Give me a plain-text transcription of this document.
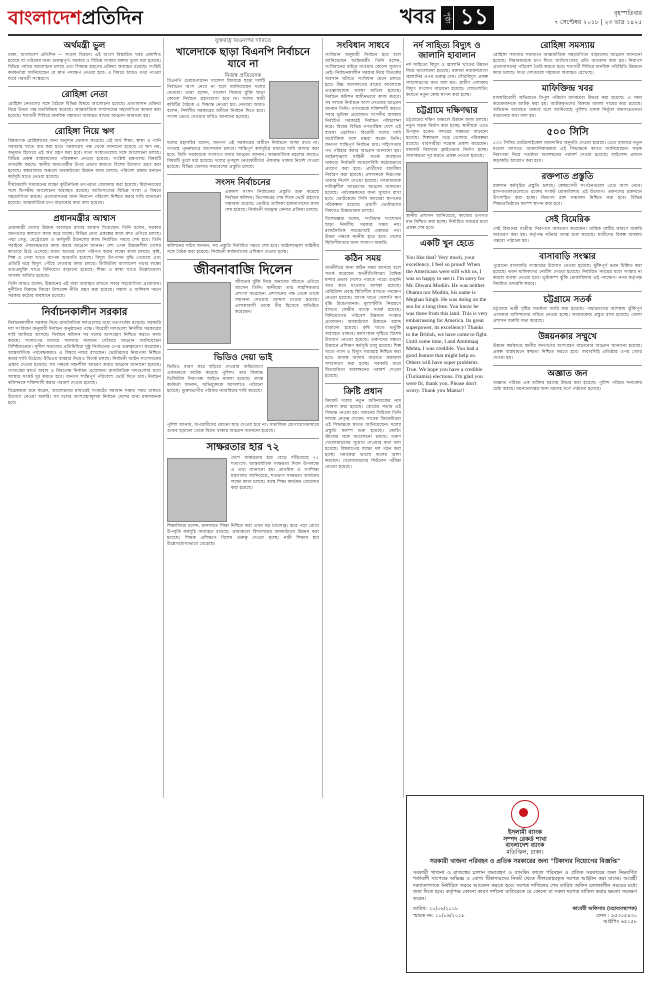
বাংলাদেশপ্রতিদিন	খবর পৃষ্ঠা ১১	বৃহস্পতিবার
৭ সেপ্টেম্বর ২০১৮ | ২৩ ভাদ্র ১৪২৫
অর্থমন্ত্রী ভুল

ঢাকা, বাংলাদেশ প্রতিদিন — সংবাদ বিবরণ। এই অংশে বিস্তারিত খবর প্রকাশিত হয়েছে যা পাঠকের জন্য গুরুত্বপূর্ণ। সরকার ও বিভিন্ন সংস্থার বক্তব্য তুলে ধরা হয়েছে। বিভিন্ন পর্যায়ে আলোচনা চলছে এবং সিদ্ধান্ত গ্রহণের প্রক্রিয়া অব্যাহত রয়েছে। সংশ্লিষ্ট কর্মকর্তারা জানিয়েছেন যে দ্রুত পদক্ষেপ নেওয়া হবে। এ বিষয়ে আরও তথ্য পাওয়া যাবে পরবর্তী সংস্করণে।

রোহিঙ্গা নেতা

রোহিঙ্গা নেতাদের সঙ্গে বৈঠকে বিভিন্ন বিষয়ে আলোচনা হয়েছে। প্রত্যাবাসন প্রক্রিয়া নিয়ে উভয় পক্ষ মতবিনিময় করেছে। আন্তর্জাতিক সম্প্রদায়ের সহযোগিতা কামনা করা হয়েছে। শরণার্থী শিবিরে মানবিক সহায়তা অব্যাহত রাখার আহ্বান জানানো হয়।

রোহিঙ্গা নিয়ে ঋণ

বিশ্বব্যাংক রোহিঙ্গাদের জন্য অনুদান ঘোষণা করেছে। এই অর্থ শিক্ষা, স্বাস্থ্য ও পানি সরবরাহ খাতে ব্যয় করা হবে। সরকারের পক্ষ থেকে জানানো হয়েছে যে ঋণ নয়, অনুদান হিসেবে এই অর্থ গ্রহণ করা হবে। দাতা সংস্থাগুলোর সঙ্গে আলোচনা চলছে। বিভিন্ন প্রকল্প বাস্তবায়নের পরিকল্পনা নেওয়া হয়েছে। সংশ্লিষ্ট মন্ত্রণালয় বিষয়টি তদারকি করছে। স্থানীয় জনগোষ্ঠীর উপর প্রভাব কমাতে বিশেষ উদ্যোগ গ্রহণ করা হয়েছে। কক্সবাজার অঞ্চলে অবকাঠামো উন্নয়ন কাজ চলছে। পরিবেশ রক্ষায় বনায়ন কর্মসূচি হাতে নেওয়া হয়েছে।

দীর্ঘমেয়াদি সমাধানের লক্ষ্যে কূটনৈতিক তৎপরতা জোরদার করা হয়েছে। মিয়ানমারের সঙ্গে দ্বিপক্ষীয় আলোচনা অব্যাহত রয়েছে। জাতিসংঘের বিভিন্ন সংস্থা এ বিষয়ে সহযোগিতা করছে। প্রত্যাবাসনের জন্য নিরাপদ পরিবেশ নিশ্চিত করার দাবি জানানো হয়েছে। আন্তর্জাতিক চাপ বাড়ানোর কথা বলা হয়েছে।

প্রধানমন্ত্রীর আশ্বাস

প্রধানমন্ত্রী দেশের উন্নয়ন অব্যাহত রাখার আশ্বাস দিয়েছেন। তিনি বলেন, সরকার জনগণের কল্যাণে কাজ করে যাচ্ছে। বিভিন্ন মেগা প্রকল্পের কাজ দ্রুত এগিয়ে চলছে। পদ্মা সেতু, মেট্রোরেল ও কর্ণফুলী টানেলের কাজ নির্ধারিত সময়ে শেষ হবে। তিনি সবাইকে ঐক্যবদ্ধভাবে কাজ করার আহ্বান জানান। দেশ এখন উন্নয়নশীল দেশের কাতারে উঠে এসেছে। মধ্যম আয়ের দেশে পরিণত করার লক্ষ্যে কাজ চলছে। কৃষি, শিল্প ও সেবা খাতে ব্যাপক অগ্রগতি হয়েছে। বিদ্যুৎ উৎপাদন বৃদ্ধি পেয়েছে এবং প্রতিটি ঘরে বিদ্যুৎ পৌঁছে দেওয়ার কাজ চলছে। ডিজিটাল বাংলাদেশ গড়ার লক্ষ্যে তথ্যপ্রযুক্তি খাতে বিনিয়োগ বাড়ানো হয়েছে। শিক্ষা ও স্বাস্থ্য খাতে উল্লেখযোগ্য সাফল্য অর্জিত হয়েছে।

তিনি আরও বলেন, উন্নয়নের এই ধারা অব্যাহত রাখতে সবার সহযোগিতা প্রয়োজন। দুর্নীতির বিরুদ্ধে জিরো টলারেন্স নীতি গ্রহণ করা হয়েছে। সন্ত্রাস ও জঙ্গিবাদ দমনে সরকার কঠোর অবস্থানে রয়েছে।

নির্বাচনকালীন সরকার

নির্বাচনকালীন সরকার নিয়ে রাজনৈতিক দলগুলোর মধ্যে মতপার্থক্য রয়েছে। সরকারি দল সংবিধান অনুযায়ী নির্বাচন অনুষ্ঠানের পক্ষে। বিরোধী দলগুলো নির্দলীয় সরকারের দাবি জানিয়ে আসছে। নির্বাচন কমিশন সব দলের অংশগ্রহণ নিশ্চিত করতে কাজ করছে। সংলাপের মাধ্যমে সমস্যার সমাধান খোঁজার আহ্বান জানিয়েছেন বিশিষ্টজনেরা। সুশীল সমাজের প্রতিনিধিরা সুষ্ঠু নির্বাচনের ওপর গুরুত্বারোপ করেছেন। আন্তর্জাতিক পর্যবেক্ষকরাও এ বিষয়ে নজর রাখছেন। ভোটারদের নিরাপত্তা নিশ্চিত করার দাবি উঠেছে। ইভিএম ব্যবহার নিয়েও বিতর্ক চলছে। নির্বাচনী আইন সংশোধনের প্রস্তাব দেওয়া হয়েছে। সব পক্ষকে সহনশীল আচরণ করার আহ্বান জানানো হয়েছে। গণতন্ত্রের স্বার্থে অবাধ ও নিরপেক্ষ নির্বাচন প্রয়োজন। রাজনৈতিক দলগুলোর মধ্যে আস্থার সংকট দূর করতে হবে। জনগণ শান্তিপূর্ণ পরিবেশে ভোট দিতে চায়। নির্বাচন কমিশনকে শক্তিশালী করার পরামর্শ দেওয়া হয়েছে।

বিশ্লেষকরা মনে করেন, আলোচনার মাধ্যমেই সংকটের সমাধান সম্ভব। সময় থাকতে উদ্যোগ নেওয়া জরুরি। সব দলের অংশগ্রহণমূলক নির্বাচন দেশের জন্য মঙ্গলজনক হবে।

যুক্তরাষ্ট্র বিএনপির দাবিতে
খালেদাকে ছাড়া বিএনপি নির্বাচনে যাবে না
নিজস্ব প্রতিবেদক

বিএনপি চেয়ারপারসন খালেদা জিয়াকে ছাড়া দলটি নির্বাচনে অংশ নেবে না বলে জানিয়েছেন দলের নেতারা। তারা বলেন, খালেদা জিয়ার মুক্তি ছাড়া কোনো নির্বাচন গ্রহণযোগ্য হবে না। দলের স্থায়ী কমিটির বৈঠকে এ সিদ্ধান্ত নেওয়া হয়। নেতারা আরও বলেন, নির্দলীয় সরকারের অধীনে নির্বাচন দিতে হবে। সংসদ ভেঙে দেওয়ার দাবিও জানানো হয়েছে।

দলের মহাসচিব বলেন, জনগণ এই সরকারের অধীনে নির্বাচনে আস্থা রাখে না। গণতন্ত্র পুনরুদ্ধারে আন্দোলন চলবে। শান্তিপূর্ণ কর্মসূচির মাধ্যমে দাবি আদায় করা হবে। তিনি সরকারকে সংলাপে বসার আহ্বান জানান। আন্তর্জাতিক মহলের কাছেও বিষয়টি তুলে ধরা হয়েছে। দলের তৃণমূল নেতাকর্মীদের ঐক্যবদ্ধ থাকার নির্দেশ দেওয়া হয়েছে। বিভিন্ন জেলায় সমাবেশের প্রস্তুতি চলছে।

সংসদ নির্বাচনের

একাদশ সংসদ নির্বাচনের প্রস্তুতি শুরু করেছে নির্বাচন কমিশন। ডিসেম্বরের শেষ দিকে ভোট গ্রহণের সম্ভাবনা রয়েছে। ভোটার তালিকা হালনাগাদের কাজ শেষ হয়েছে। নির্বাচনী সরঞ্জাম কেনার প্রক্রিয়া চলছে।

কমিশনের সচিব জানান, সব প্রস্তুতি নির্ধারিত সময়ে শেষ হবে। আইনশৃঙ্খলা বাহিনীর সঙ্গে বৈঠক করা হয়েছে। নির্বাচনী কর্মকর্তাদের প্রশিক্ষণ দেওয়া হচ্ছে।

জীবনাবাজি দিলেন

জীবনের ঝুঁকি নিয়ে অন্যদের বাঁচাতে এগিয়ে আসেন তিনি। স্থানীয়রা তার সাহসিকতার প্রশংসা করেছেন। প্রশাসনের পক্ষ থেকে তাকে সম্মাননা দেওয়ার ঘোষণা দেওয়া হয়েছে। এলাকাবাসী তাকে বীর হিসেবে অভিহিত করেছেন।

ভিডিও দেয়া ভাই

ভিডিও ধারণ করে ছড়িয়ে দেওয়ার অভিযোগে একজনকে আটক করেছে পুলিশ। তার বিরুদ্ধে ডিজিটাল নিরাপত্তা আইনে মামলা হয়েছে। তদন্ত কর্মকর্তা জানান, অভিযুক্তকে আদালতে পাঠানো হয়েছে। ভুক্তভোগীর পরিবার ন্যায়বিচার দাবি করেছে।

পুলিশ জানায়, অপরাধীদের কোনো ছাড় দেওয়া হবে না। সামাজিক যোগাযোগমাধ্যমে গুজব ছড়ানো থেকে বিরত থাকার আহ্বান জানানো হয়েছে।

সাক্ষরতার হার ৭২

দেশে সাক্ষরতার হার বেড়ে দাঁড়িয়েছে ৭২ শতাংশে। আন্তর্জাতিক সাক্ষরতা দিবস উপলক্ষে এ তথ্য জানানো হয়। প্রাথমিক ও গণশিক্ষা মন্ত্রণালয় জানিয়েছে, শতভাগ সাক্ষরতা অর্জনের লক্ষ্যে কাজ চলছে। বয়স্ক শিক্ষা কার্যক্রম জোরদার করা হয়েছে।

শিক্ষাবিদরা বলেন, মানসম্মত শিক্ষা নিশ্চিত করা এখন বড় চ্যালেঞ্জ। ঝরে পড়া রোধে উপবৃত্তি কর্মসূচি অব্যাহত রয়েছে। গ্রামাঞ্চলে বিদ্যালয়ের অবকাঠামো উন্নয়ন করা হয়েছে। শিক্ষক প্রশিক্ষণে বিশেষ গুরুত্ব দেওয়া হচ্ছে। নারী শিক্ষার হার উল্লেখযোগ্যভাবে বেড়েছে।

সংবিধান সাধবে

সংবিধান অনুযায়ী নির্বাচন হবে বলে জানিয়েছেন আইনমন্ত্রী। তিনি বলেন, সংবিধানের বাইরে যাওয়ার কোনো সুযোগ নেই। নির্বাচনকালীন সরকার নিয়ে বিতর্কের অবসান ঘটাতে সংবিধান মেনে চলতে হবে। উচ্চ আদালতের রায়ের আলোকে তত্ত্বাবধায়ক ব্যবস্থা বাতিল হয়েছে। নির্বাচন কমিশন স্বাধীনভাবে কাজ করবে। সব দলকে নির্বাচনে অংশ নেওয়ার আহ্বান জানান তিনি। গণতন্ত্রকে শক্তিশালী করতে সবার ভূমিকা প্রয়োজন। সংসদীয় ব্যবস্থায় নির্বাচিত সরকারই নির্বাচন পরিচালনা করে। বিশ্বের বিভিন্ন গণতান্ত্রিক দেশে এই ব্যবস্থা প্রচলিত। বিরোধী দলের দাবি অযৌক্তিক বলে মন্তব্য করেন তিনি। জনগণ শান্তিপূর্ণ নির্বাচন চায়। সহিংসতার পথ পরিহার করার আহ্বান জানানো হয়। আইনশৃঙ্খলা বাহিনী সতর্ক অবস্থানে থাকবে। নির্বাচনী আচরণবিধি কঠোরভাবে প্রয়োগ করা হবে। প্রার্থীদের ব্যয়সীমা নির্ধারণ করা হয়েছে। প্রশাসনকে নিরপেক্ষ থাকার নির্দেশ দেওয়া হয়েছে। গণমাধ্যমকে দায়িত্বশীল আচরণের আহ্বান জানানো হয়েছে। পর্যবেক্ষকদের জন্য সুযোগ রাখা হবে। ভোটকেন্দ্রে সিসি ক্যামেরা স্থাপনের পরিকল্পনা রয়েছে। প্রবাসী ভোটারদের বিষয়েও চিন্তাভাবনা চলছে।

বিশেষজ্ঞরা বলেন, সংবিধান সংশোধন ছাড়া নির্দলীয় সরকার সম্ভব নয়। রাজনৈতিক সমঝোতাই একমাত্র পথ। উভয় পক্ষকে নমনীয় হতে হবে। দেশের স্থিতিশীলতার জন্য সংলাপ জরুরি।

কঠিন সময়

অর্থনীতির জন্য কঠিন সময় আসছে বলে সতর্ক করেছেন অর্থনীতিবিদরা। বৈশ্বিক মন্দার প্রভাব দেশেও পড়তে পারে। রপ্তানি আয় কমে যাওয়ার আশঙ্কা রয়েছে। রেমিট্যান্স প্রবাহ স্থিতিশীল রাখতে পদক্ষেপ নেওয়া হয়েছে। ব্যাংক খাতে খেলাপি ঋণ বৃদ্ধি উদ্বেগজনক। মূল্যস্ফীতি নিয়ন্ত্রণে রাখতে কেন্দ্রীয় ব্যাংক সতর্ক রয়েছে। বিনিয়োগের পরিবেশ উন্নয়নে সংস্কার প্রয়োজন। অবকাঠামো উন্নয়নে বরাদ্দ বাড়ানো হয়েছে। কৃষি খাতে ভর্তুকি অব্যাহত থাকবে। কর্মসংস্থান সৃষ্টিতে বিশেষ উদ্যোগ নেওয়া হয়েছে। তরুণদের দক্ষতা উন্নয়নে প্রশিক্ষণ কর্মসূচি চালু রয়েছে। শিল্প খাতে গ্যাস ও বিদ্যুৎ সরবরাহ নিশ্চিত করা হবে। রাজস্ব আদায় বাড়াতে করজাল সম্প্রসারণ করা হচ্ছে। সরকারি ব্যয়ে মিতব্যয়িতা অবলম্বনের পরামর্শ দেওয়া হয়েছে।

ক্রিষ্টি প্রধান

ক্রিকেট দলের নতুন অধিনায়কের নাম ঘোষণা করা হয়েছে। বোর্ডের সভায় এই সিদ্ধান্ত নেওয়া হয়। সামনের সিরিজে তিনি দলকে নেতৃত্ব দেবেন। সাবেক ক্রিকেটাররা এই সিদ্ধান্তকে স্বাগত জানিয়েছেন। দলের প্রস্তুতি ক্যাম্প শুরু হয়েছে। কোচিং স্টাফের সঙ্গে আলোচনা চলছে। তরুণ খেলোয়াড়দের সুযোগ দেওয়ার কথা বলা হয়েছে। বিশ্বকাপের লক্ষ্যে দল গঠন করা হচ্ছে। সমর্থকরা ভালো ফলের আশা করছেন। খেলোয়াড়দের ফিটনেস পরীক্ষা নেওয়া হয়েছে।

নর্দ সাহিত্য বিদ্যুৎ ও জালানি হাবালান

নর্দ সাহিত্যে বিদ্যুৎ ও জ্বালানি খাতের উন্নয়ন নিয়ে আলোচনা হয়েছে। বক্তারা নবায়নযোগ্য জ্বালানির ওপর গুরুত্ব দেন। সৌরবিদ্যুৎ প্রকল্প সম্প্রসারণের কথা বলা হয়। গ্রামীণ এলাকায় বিদ্যুৎ সংযোগ বাড়ানো হয়েছে। লোডশেডিং কমাতে নতুন কেন্দ্র স্থাপন করা হচ্ছে।

চট্টগ্রামে দক্ষিণদ্বার

চট্টগ্রামের দক্ষিণ অঞ্চলে উন্নয়ন কাজ চলছে। নতুন সড়ক নির্মাণ করা হচ্ছে। স্থানীয়রা এতে উপকৃত হবেন। বন্দরের সক্ষমতা বাড়ানো হয়েছে। শিল্পাঞ্চল গড়ে তোলার পরিকল্পনা রয়েছে। ব্যবসায়ীরা সন্তোষ প্রকাশ করেছেন। যানজট নিরসনে ফ্লাইওভার নির্মাণ হচ্ছে। জলাবদ্ধতা দূর করতে প্রকল্প নেওয়া হয়েছে।

স্থানীয় প্রশাসন জানিয়েছে, কাজের গুণগত মান নিশ্চিত করা হচ্ছে। নির্ধারিত সময়ের মধ্যে প্রকল্প শেষ হবে।

একটি খুন হেতে

You like that? Very much, your excellency. I feel so proud! When the Americans were still with us, I was so happy to see it. I'm sorry for Mr. Diwani Modiin. He was neither Obama nor Modiin, his name is Meghan Singh. He was doing on the sea for a long time. You know he was three from this land. This is very embarrassing for America. Its great superpower, its excellency! Thanks to the British, we have come to fight. Until some time, I and Amitmaaj Mehta, I was credible. You had a good feature that might help us. Others will have super problems. True. We hope you have a credible (Tuckamia) elections. I'm glad you were fit, thank you. Please don't worry. Thank you Mama!!

রোহিঙ্গা সমস্যায়

রোহিঙ্গা সমস্যার সমাধানে আন্তর্জাতিক সহযোগিতা বাড়ানোর আহ্বান জানানো হয়েছে। মিয়ানমারকে চাপ দিতে জাতিসংঘের প্রতি আবেদন করা হয়। নিরাপদ প্রত্যাবাসনের পরিবেশ তৈরি করতে হবে। শরণার্থী শিবিরে মানবিক পরিস্থিতি উন্নয়নে কাজ চলছে। দাতা দেশগুলো সহায়তা অব্যাহত রেখেছে।

মাফিক্তিন্দ্র খবর

মাদকবিরোধী অভিযানে বিপুল পরিমাণ মাদকদ্রব্য উদ্ধার করা হয়েছে। এ সময় কয়েকজনকে আটক করা হয়। আটককৃতদের বিরুদ্ধে মামলা দায়ের করা হয়েছে। অভিযান অব্যাহত থাকবে বলে জানিয়েছে পুলিশ। মাদক নির্মূলে জনসচেতনতা বাড়ানোর কথা বলা হয়।

৫০০ সিসি

৫০০ সিসির মোটরসাইকেল আমদানির অনুমতি দেওয়া হয়েছে। এতে বাজারে নতুন মডেল আসবে। আমদানিকারকরা এই সিদ্ধান্তকে স্বাগত জানিয়েছেন। সড়ক নিরাপত্তা নিয়ে সতর্কতা অবলম্বনের পরামর্শ দেওয়া হয়েছে। লাইসেন্স প্রদানে কড়াকড়ি আরোপ করা হবে।

রক্তপাত প্রস্তুতি

রক্তদান কর্মসূচির প্রস্তুতি চলছে। স্বেচ্ছাসেবী সংগঠনগুলো এতে অংশ নেবে। হাসপাতালগুলোতে রক্তের সংকট মোকাবিলায় এই উদ্যোগ। তরুণদের রক্তদানে উৎসাহিত করা হচ্ছে। নিরাপদ রক্ত সঞ্চালন নিশ্চিত করা হবে। বিভিন্ন শিক্ষাপ্রতিষ্ঠানে ক্যাম্প স্থাপন করা হবে।

সেই বিমেরিক

সেই বিমানের যাত্রীরা নিরাপদে অবতরণ করেছেন। যান্ত্রিক ত্রুটির কারণে জরুরি অবতরণ করা হয়। কর্তৃপক্ষ ঘটনার তদন্ত শুরু করেছে। যাত্রীদের বিকল্প ব্যবস্থায় গন্তব্যে পাঠানো হয়।

বাসাবাড়ি সংস্কার

পুরোনো বাসাবাড়ি সংস্কারের উদ্যোগ নেওয়া হয়েছে। ঝুঁকিপূর্ণ ভবন চিহ্নিত করা হয়েছে। ভবন মালিকদের নোটিশ দেওয়া হয়েছে। নির্ধারিত সময়ের মধ্যে সংস্কার না করলে ব্যবস্থা নেওয়া হবে। ভূমিকম্প ঝুঁকি মোকাবিলায় এই পদক্ষেপ। নগর কর্তৃপক্ষ নিয়মিত তদারকি করবে।

চট্টগ্রামে সতর্ক

চট্টগ্রামে ভারী বৃষ্টির সতর্কতা জারি করা হয়েছে। পাহাড়ধসের আশঙ্কায় ঝুঁকিপূর্ণ এলাকার বাসিন্দাদের সরিয়ে নেওয়া হচ্ছে। আশ্রয়কেন্দ্র প্রস্তুত রাখা হয়েছে। জেলা প্রশাসন জরুরি সভা করেছে।

উন্নয়নকার সম্মুখে

উন্নয়ন কর্মকাণ্ডে স্থানীয় জনগণের অংশগ্রহণ বাড়ানোর আহ্বান জানানো হয়েছে। প্রকল্প বাস্তবায়নে স্বচ্ছতা নিশ্চিত করতে হবে। জবাবদিহি প্রতিষ্ঠার ওপর জোর দেওয়া হয়।

অজ্ঞাত জন

অজ্ঞাত পরিচয় এক ব্যক্তির মরদেহ উদ্ধার করা হয়েছে। পুলিশ পরিচয় শনাক্তের চেষ্টা করছে। ময়নাতদন্তের জন্য মরদেহ মর্গে পাঠানো হয়েছে।

ইসলামী ব্যাংক
সম্পদ রেকর্ড শাখা
বাংলাদেশ ব্যাংক
মতিঝিল, ঢাকা।
সরকারী খাজনা পরিবহন ও প্রতিক সরকারের জন্য "টিকাদার নিয়োগের বিজ্ঞপ্তি"
সরকারী খাজনা ও রাজস্বের চালান জমাগ্রহণ ও ব্যাংকিং কাজে পরিবহন ও প্রতিক সরকারের জন্য নিম্নবর্ণিত শর্তাবলী সাপেক্ষে অভিজ্ঞ ও যোগ্য টিকাদারদের নিকট থেকে সীলমোহরকৃত দরপত্র আহ্বান করা যাচ্ছে। আগ্রহী দরদাতাগণকে নির্ধারিত ফরমে আবেদন করতে হবে। দরপত্র দাখিলের শেষ তারিখ অফিস চলাকালীন সময়ের মধ্যে জমা দিতে হবে। কর্তৃপক্ষ কোনো কারণ দর্শানো ব্যতিরেকে যে কোনো বা সকল দরপত্র বাতিল করার ক্ষমতা সংরক্ষণ করেন।
তারিখ: ২০/০৬/২০১৮
স্মারক নং: ১০/০৬/২০১৮
কার্যেরী অফিসার (মহাব্যবস্থাপক)
ফোন : ৯৫৩০৫৪৩০
আইপিঃ ৬৫১৫৮
